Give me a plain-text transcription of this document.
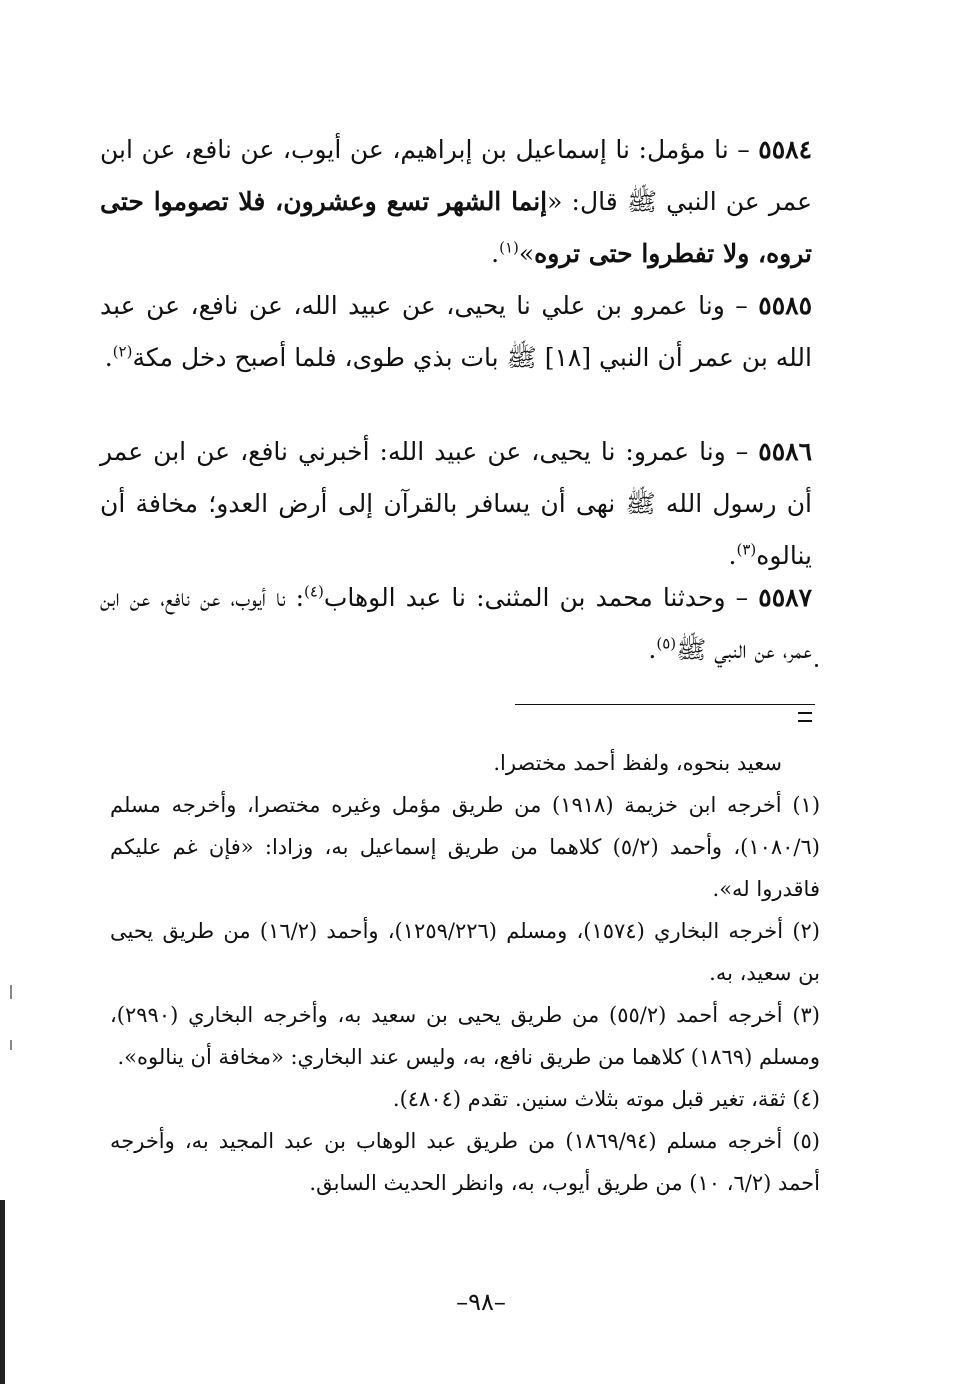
٥٥٨٤ – نا مؤمل: نا إسماعيل بن إبراهيم، عن أيوب، عن نافع، عن ابن عمر عن النبي ﷺ قال: «إنما الشهر تسع وعشرون، فلا تصوموا حتى تروه، ولا تفطروا حتى تروه»$^{(١)}$.

٥٥٨٥ – ونا عمرو بن علي نا يحيى، عن عبيد الله، عن نافع، عن عبد الله بن عمر أن النبي [١٨] ﷺ بات بذي طوى، فلما أصبح دخل مكة$^{(٢)}$.

٥٥٨٦ – ونا عمرو: نا يحيى، عن عبيد الله: أخبرني نافع، عن ابن عمر أن رسول الله ﷺ نهى أن يسافر بالقرآن إلى أرض العدو؛ مخافة أن ينالوه$^{(٣)}$.

٥٥٨٧ – وحدثنا محمد بن المثنى: نا عبد الوهاب$^{(٤)}$: نا أيوب، عن نافع، عن ابن عمر، عن النبي ﷺ$^{(٥)}$.

سعيد بنحوه، ولفظ أحمد مختصرا.

(١) أخرجه ابن خزيمة (١٩١٨) من طريق مؤمل وغيره مختصرا، وأخرجه مسلم (١٠٨٠/٦)، وأحمد (٥/٢) كلاهما من طريق إسماعيل به، وزادا: «فإن غم عليكم فاقدروا له».

(٢) أخرجه البخاري (١٥٧٤)، ومسلم (١٢٥٩/٢٢٦)، وأحمد (١٦/٢) من طريق يحيى بن سعيد، به.

(٣) أخرجه أحمد (٥٥/٢) من طريق يحيى بن سعيد به، وأخرجه البخاري (٢٩٩٠)، ومسلم (١٨٦٩) كلاهما من طريق نافع، به، وليس عند البخاري: «مخافة أن ينالوه».

(٤) ثقة، تغير قبل موته بثلاث سنين. تقدم (٤٨٠٤).

(٥) أخرجه مسلم (١٨٦٩/٩٤) من طريق عبد الوهاب بن عبد المجيد به، وأخرجه أحمد (٦/٢، ١٠) من طريق أيوب، به، وانظر الحديث السابق.

–٩٨–
